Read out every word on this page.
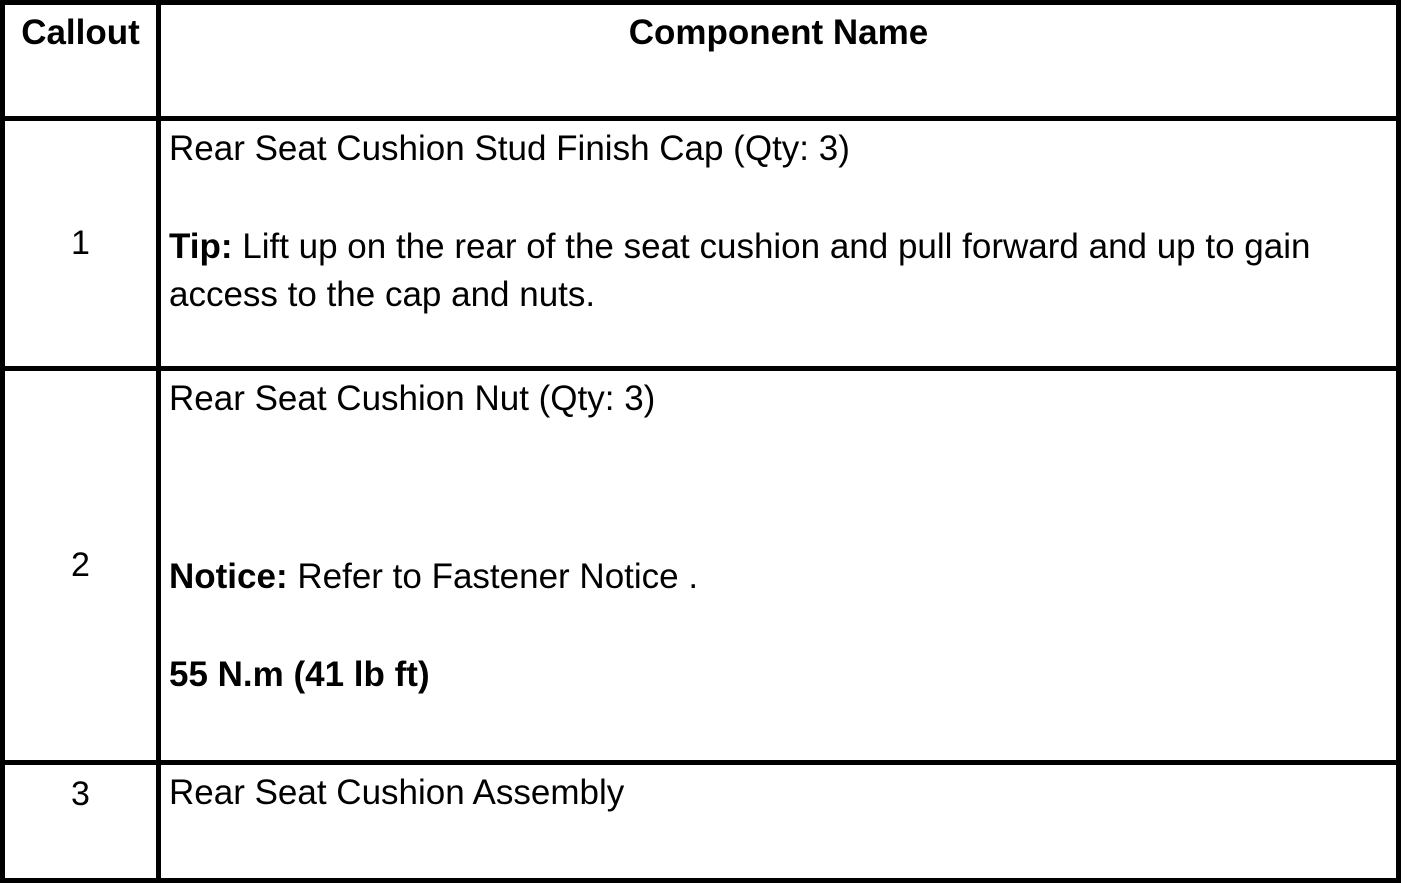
Callout	Component Name
1	Rear Seat Cushion Stud Finish Cap (Qty: 3)

Tip: Lift up on the rear of the seat cushion and pull forward and up to gain access to the cap and nuts.

2	Rear Seat Cushion Nut (Qty: 3)

Notice: Refer to Fastener Notice .

55 N.m (41 lb ft)

3	Rear Seat Cushion Assembly
